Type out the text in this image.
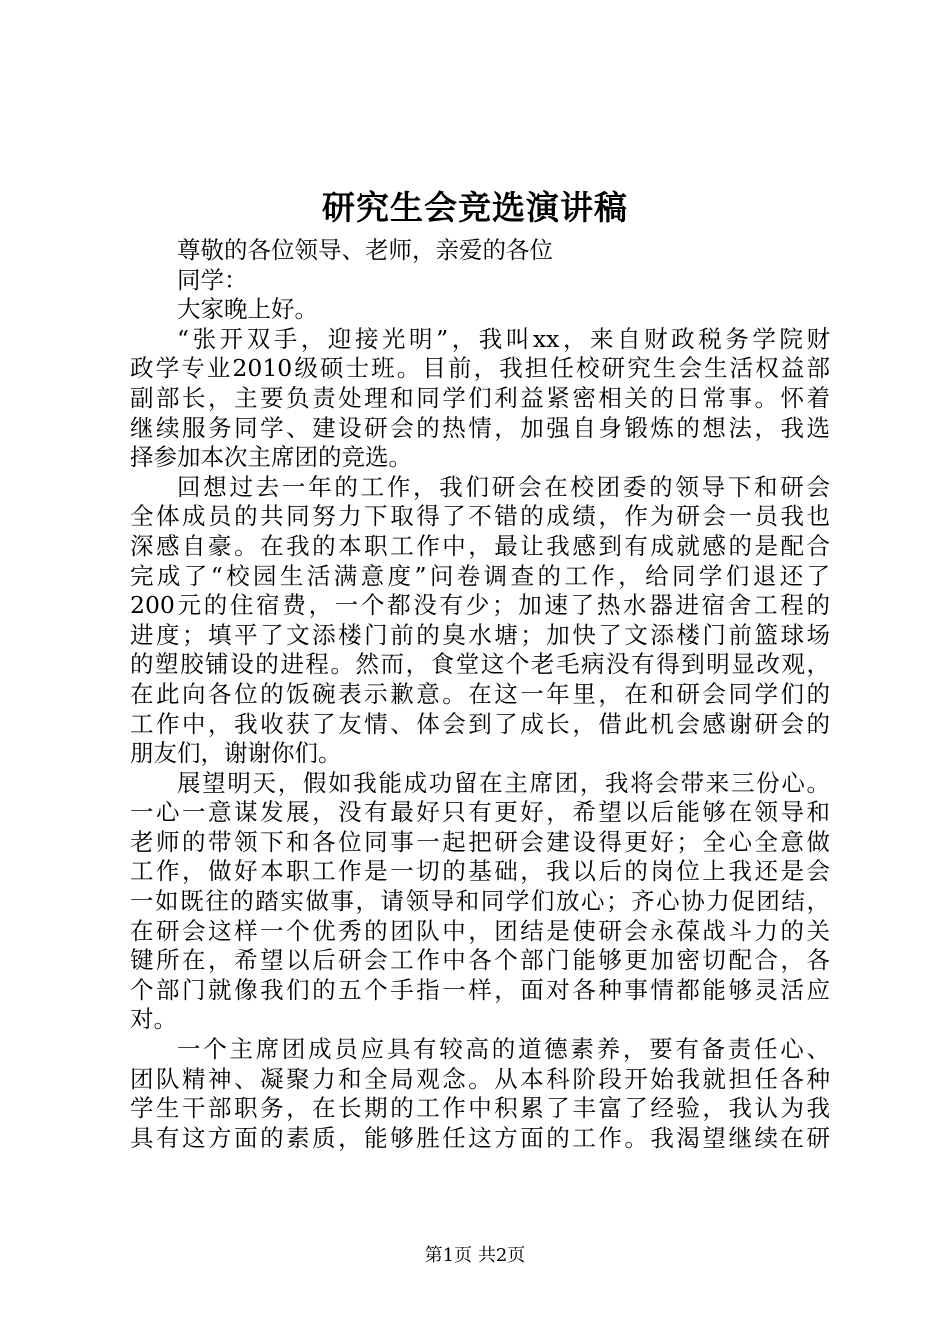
研究生会竞选演讲稿
尊敬的各位领导、老师，亲爱的各位
同学：
大家晚上好。
“张开双手，迎接光明”，我叫xx，来自财政税务学院财
政学专业2010级硕士班。目前，我担任校研究生会生活权益部
副部长，主要负责处理和同学们利益紧密相关的日常事。怀着
继续服务同学、建设研会的热情，加强自身锻炼的想法，我选
择参加本次主席团的竞选。
回想过去一年的工作，我们研会在校团委的领导下和研会
全体成员的共同努力下取得了不错的成绩，作为研会一员我也
深感自豪。在我的本职工作中，最让我感到有成就感的是配合
完成了“校园生活满意度”问卷调查的工作，给同学们退还了
200元的住宿费，一个都没有少；加速了热水器进宿舍工程的
进度；填平了文添楼门前的臭水塘；加快了文添楼门前篮球场
的塑胶铺设的进程。然而，食堂这个老毛病没有得到明显改观，
在此向各位的饭碗表示歉意。在这一年里，在和研会同学们的
工作中，我收获了友情、体会到了成长，借此机会感谢研会的
朋友们，谢谢你们。
展望明天，假如我能成功留在主席团，我将会带来三份心。
一心一意谋发展，没有最好只有更好，希望以后能够在领导和
老师的带领下和各位同事一起把研会建设得更好；全心全意做
工作，做好本职工作是一切的基础，我以后的岗位上我还是会
一如既往的踏实做事，请领导和同学们放心；齐心协力促团结，
在研会这样一个优秀的团队中，团结是使研会永葆战斗力的关
键所在，希望以后研会工作中各个部门能够更加密切配合，各
个部门就像我们的五个手指一样，面对各种事情都能够灵活应
对。
一个主席团成员应具有较高的道德素养，要有备责任心、
团队精神、凝聚力和全局观念。从本科阶段开始我就担任各种
学生干部职务，在长期的工作中积累了丰富了经验，我认为我
具有这方面的素质，能够胜任这方面的工作。我渴望继续在研
第1页 共2页
